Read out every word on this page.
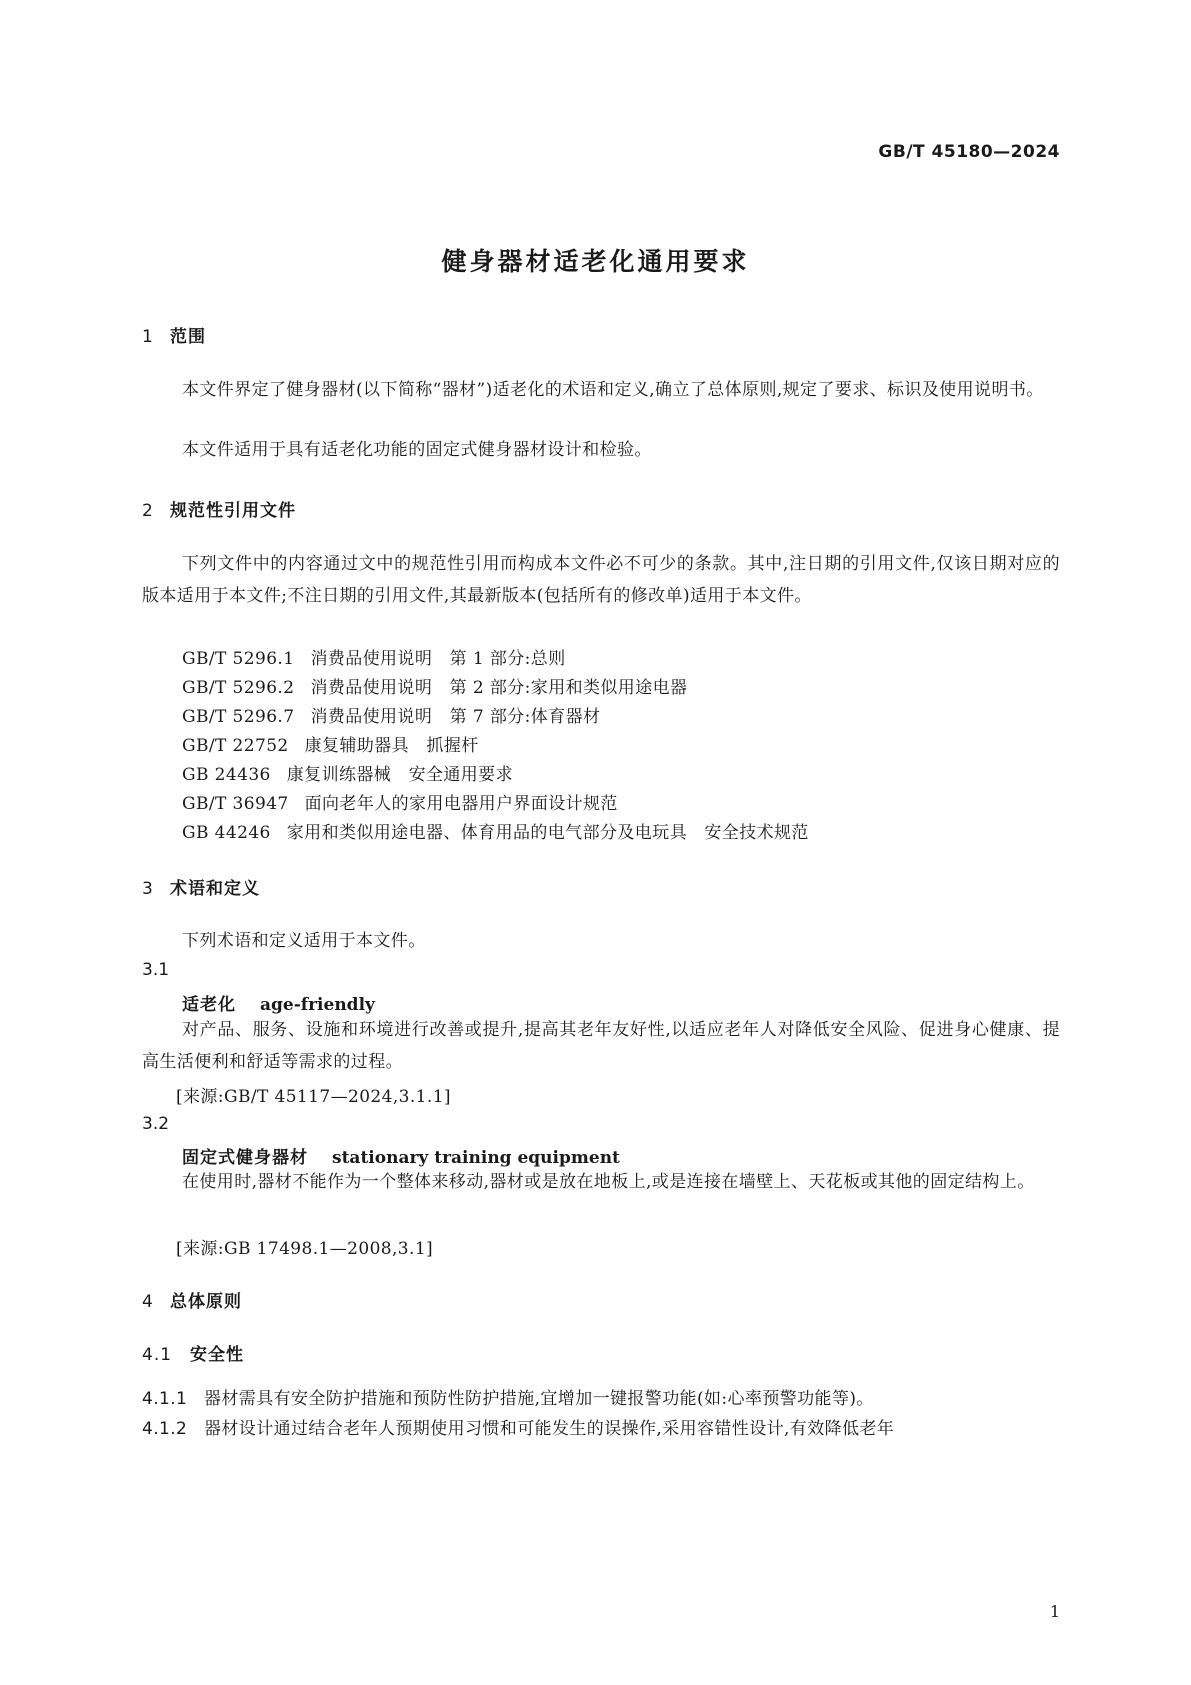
GB/T 45180—2024
健身器材适老化通用要求
1 范围
本文件界定了健身器材(以下简称“器材”)适老化的术语和定义,确立了总体原则,规定了要求、标识及使用说明书。
本文件适用于具有适老化功能的固定式健身器材设计和检验。
2 规范性引用文件
下列文件中的内容通过文中的规范性引用而构成本文件必不可少的条款。其中,注日期的引用文件,仅该日期对应的版本适用于本文件;不注日期的引用文件,其最新版本(包括所有的修改单)适用于本文件。
GB/T 5296.1 消费品使用说明　第 1 部分:总则
GB/T 5296.2 消费品使用说明　第 2 部分:家用和类似用途电器
GB/T 5296.7 消费品使用说明　第 7 部分:体育器材
GB/T 22752 康复辅助器具　抓握杆
GB 24436 康复训练器械　安全通用要求
GB/T 36947 面向老年人的家用电器用户界面设计规范
GB 44246 家用和类似用途电器、体育用品的电气部分及电玩具　安全技术规范
3 术语和定义
下列术语和定义适用于本文件。
3.1
适老化 age-friendly
对产品、服务、设施和环境进行改善或提升,提高其老年友好性,以适应老年人对降低安全风险、促进身心健康、提高生活便利和舒适等需求的过程。
[来源:GB/T 45117—2024,3.1.1]
3.2
固定式健身器材 stationary training equipment
在使用时,器材不能作为一个整体来移动,器材或是放在地板上,或是连接在墙壁上、天花板或其他的固定结构上。
[来源:GB 17498.1—2008,3.1]
4 总体原则
4.1 安全性
4.1.1 器材需具有安全防护措施和预防性防护措施,宜增加一键报警功能(如:心率预警功能等)。
4.1.2 器材设计通过结合老年人预期使用习惯和可能发生的误操作,采用容错性设计,有效降低老年
1
